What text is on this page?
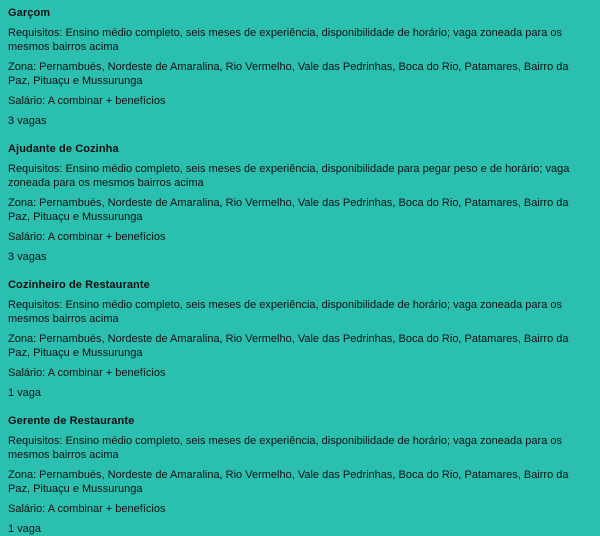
Garçom
Requisitos: Ensino médio completo, seis meses de experiência, disponibilidade de horário; vaga zoneada para os mesmos bairros acima
Zona: Pernambués, Nordeste de Amaralina, Rio Vermelho, Vale das Pedrinhas, Boca do Rio, Patamares, Bairro da Paz, Pituaçu e Mussurunga
Salário: A combinar + benefícios
3 vagas
Ajudante de Cozinha
Requisitos: Ensino médio completo, seis meses de experiência, disponibilidade para pegar peso e de horário; vaga zoneada para os mesmos bairros acima
Zona: Pernambués, Nordeste de Amaralina, Rio Vermelho, Vale das Pedrinhas, Boca do Rio, Patamares, Bairro da Paz, Pituaçu e Mussurunga
Salário: A combinar + benefícios
3 vagas
Cozinheiro de Restaurante
Requisitos: Ensino médio completo, seis meses de experiência, disponibilidade de horário; vaga zoneada para os mesmos bairros acima
Zona: Pernambués, Nordeste de Amaralina, Rio Vermelho, Vale das Pedrinhas, Boca do Rio, Patamares, Bairro da Paz, Pituaçu e Mussurunga
Salário: A combinar + benefícios
1 vaga
Gerente de Restaurante
Requisitos: Ensino médio completo, seis meses de experiência, disponibilidade de horário; vaga zoneada para os mesmos bairros acima
Zona: Pernambués, Nordeste de Amaralina, Rio Vermelho, Vale das Pedrinhas, Boca do Rio, Patamares, Bairro da Paz, Pituaçu e Mussurunga
Salário: A combinar + benefícios
1 vaga
